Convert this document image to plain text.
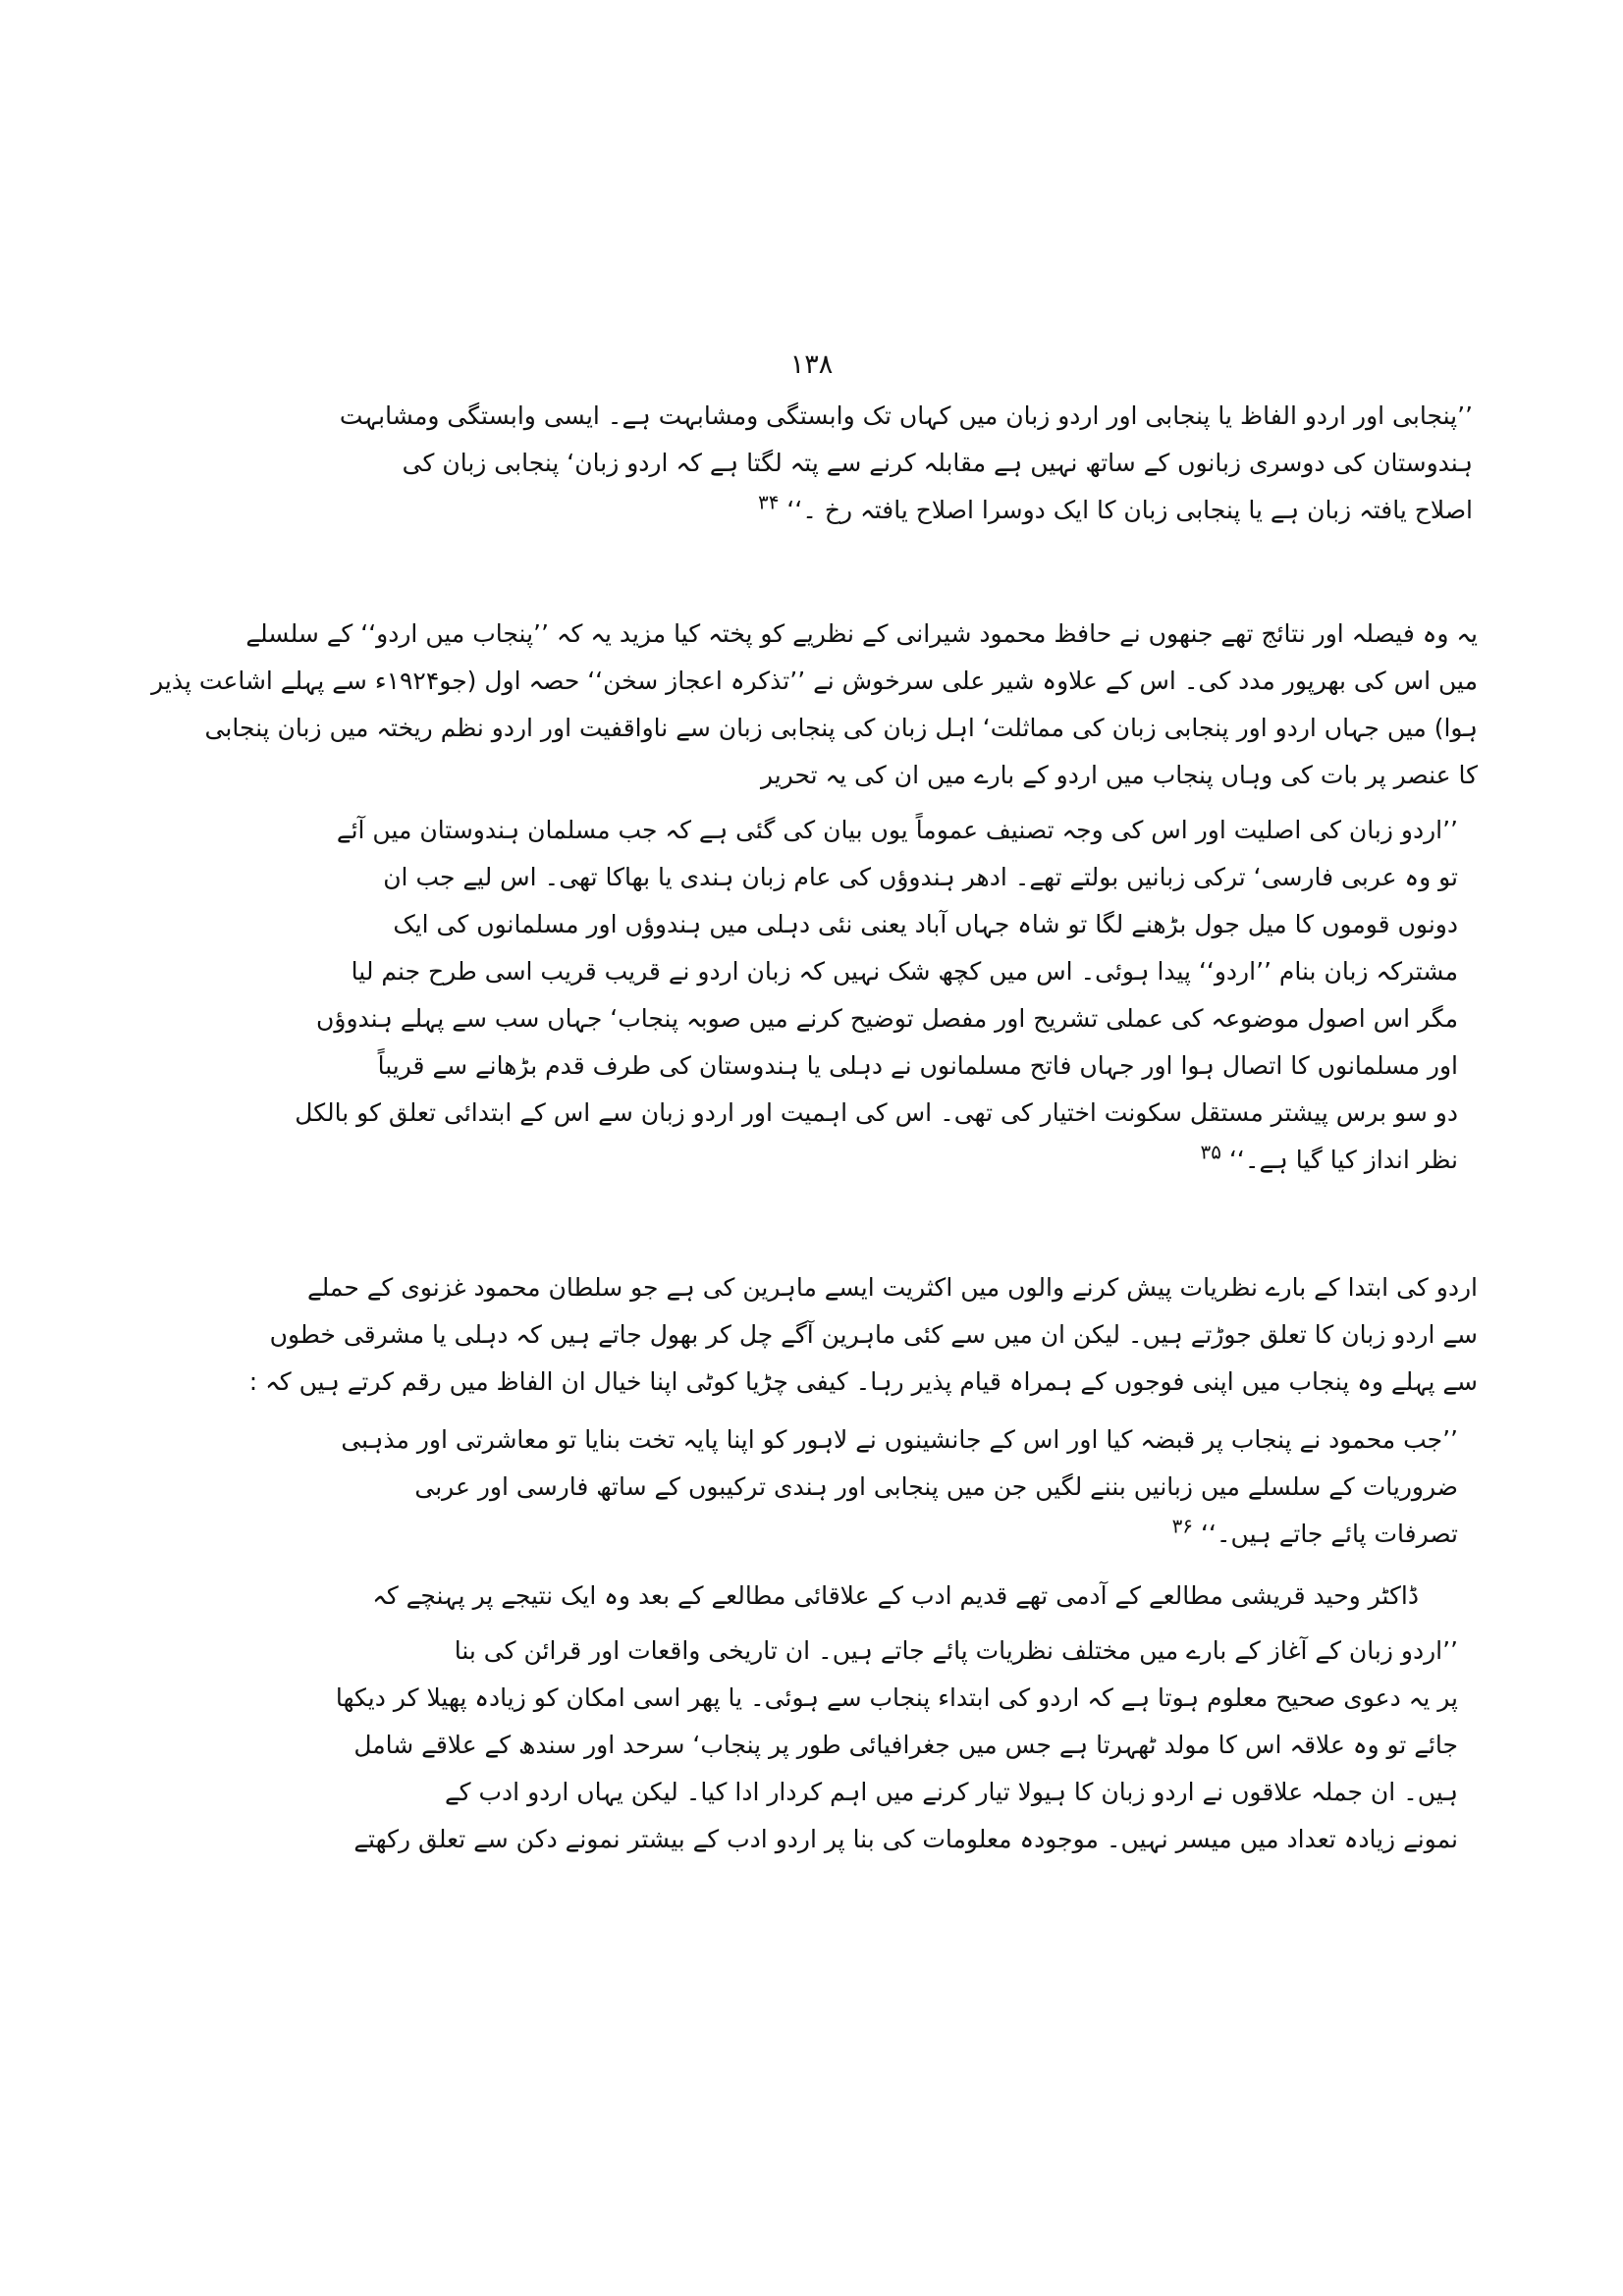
۱۳۸
’’پنجابی اور اردو الفاظ یا پنجابی اور اردو زبان میں کہاں تک وابستگی ومشابہت ہے۔ ایسی وابستگی ومشابہت
ہندوستان کی دوسری زبانوں کے ساتھ نہیں ہے مقابلہ کرنے سے پتہ لگتا ہے کہ اردو زبان‘ پنجابی زبان کی
اصلاح یافتہ زبان ہے یا پنجابی زبان کا ایک دوسرا اصلاح یافتہ رخ ۔‘‘ $^{۳۴}$
یہ وہ فیصلہ اور نتائج تھے جنھوں نے حافظ محمود شیرانی کے نظریے کو پختہ کیا مزید یہ کہ ’’پنجاب میں اردو‘‘ کے سلسلے
میں اس کی بھرپور مدد کی۔ اس کے علاوہ شیر علی سرخوش نے ’’تذکرہ اعجاز سخن‘‘ حصہ اول (جو۱۹۲۴ء سے پہلے اشاعت پذیر
ہوا) میں جہاں اردو اور پنجابی زبان کی مماثلت‘ اہل زبان کی پنجابی زبان سے ناواقفیت اور اردو نظم ریختہ میں زبان پنجابی
کا عنصر پر بات کی وہاں پنجاب میں اردو کے بارے میں ان کی یہ تحریر
’’اردو زبان کی اصلیت اور اس کی وجہ تصنیف عموماً یوں بیان کی گئی ہے کہ جب مسلمان ہندوستان میں آئے
تو وہ عربی فارسی‘ ترکی زبانیں بولتے تھے۔ ادھر ہندوؤں کی عام زبان ہندی یا بھاکا تھی۔ اس لیے جب ان
دونوں قوموں کا میل جول بڑھنے لگا تو شاہ جہاں آباد یعنی نئی دہلی میں ہندوؤں اور مسلمانوں کی ایک
مشترکہ زبان بنام ’’اردو‘‘ پیدا ہوئی۔ اس میں کچھ شک نہیں کہ زبان اردو نے قریب قریب اسی طرح جنم لیا
مگر اس اصول موضوعہ کی عملی تشریح اور مفصل توضیح کرنے میں صوبہ پنجاب‘ جہاں سب سے پہلے ہندوؤں
اور مسلمانوں کا اتصال ہوا اور جہاں فاتح مسلمانوں نے دہلی یا ہندوستان کی طرف قدم بڑھانے سے قریباً
دو سو برس پیشتر مستقل سکونت اختیار کی تھی۔ اس کی اہمیت اور اردو زبان سے اس کے ابتدائی تعلق کو بالکل
نظر انداز کیا گیا ہے۔‘‘ $^{۳۵}$
اردو کی ابتدا کے بارے نظریات پیش کرنے والوں میں اکثریت ایسے ماہرین کی ہے جو سلطان محمود غزنوی کے حملے
سے اردو زبان کا تعلق جوڑتے ہیں۔ لیکن ان میں سے کئی ماہرین آگے چل کر بھول جاتے ہیں کہ دہلی یا مشرقی خطوں
سے پہلے وہ پنجاب میں اپنی فوجوں کے ہمراہ قیام پذیر رہا۔ کیفی چڑیا کوٹی اپنا خیال ان الفاظ میں رقم کرتے ہیں کہ :
’’جب محمود نے پنجاب پر قبضہ کیا اور اس کے جانشینوں نے لاہور کو اپنا پایہ تخت بنایا تو معاشرتی اور مذہبی
ضروریات کے سلسلے میں زبانیں بننے لگیں جن میں پنجابی اور ہندی ترکیبوں کے ساتھ فارسی اور عربی
تصرفات پائے جاتے ہیں۔‘‘ $^{۳۶}$
ڈاکٹر وحید قریشی مطالعے کے آدمی تھے قدیم ادب کے علاقائی مطالعے کے بعد وہ ایک نتیجے پر پہنچے کہ
’’اردو زبان کے آغاز کے بارے میں مختلف نظریات پائے جاتے ہیں۔ ان تاریخی واقعات اور قرائن کی بنا
پر یہ دعوی صحیح معلوم ہوتا ہے کہ اردو کی ابتداء پنجاب سے ہوئی۔ یا پھر اسی امکان کو زیادہ پھیلا کر دیکھا
جائے تو وہ علاقہ اس کا مولد ٹھہرتا ہے جس میں جغرافیائی طور پر پنجاب‘ سرحد اور سندھ کے علاقے شامل
ہیں۔ ان جملہ علاقوں نے اردو زبان کا ہیولا تیار کرنے میں اہم کردار ادا کیا۔ لیکن یہاں اردو ادب کے
نمونے زیادہ تعداد میں میسر نہیں۔ موجودہ معلومات کی بنا پر اردو ادب کے بیشتر نمونے دکن سے تعلق رکھتے
